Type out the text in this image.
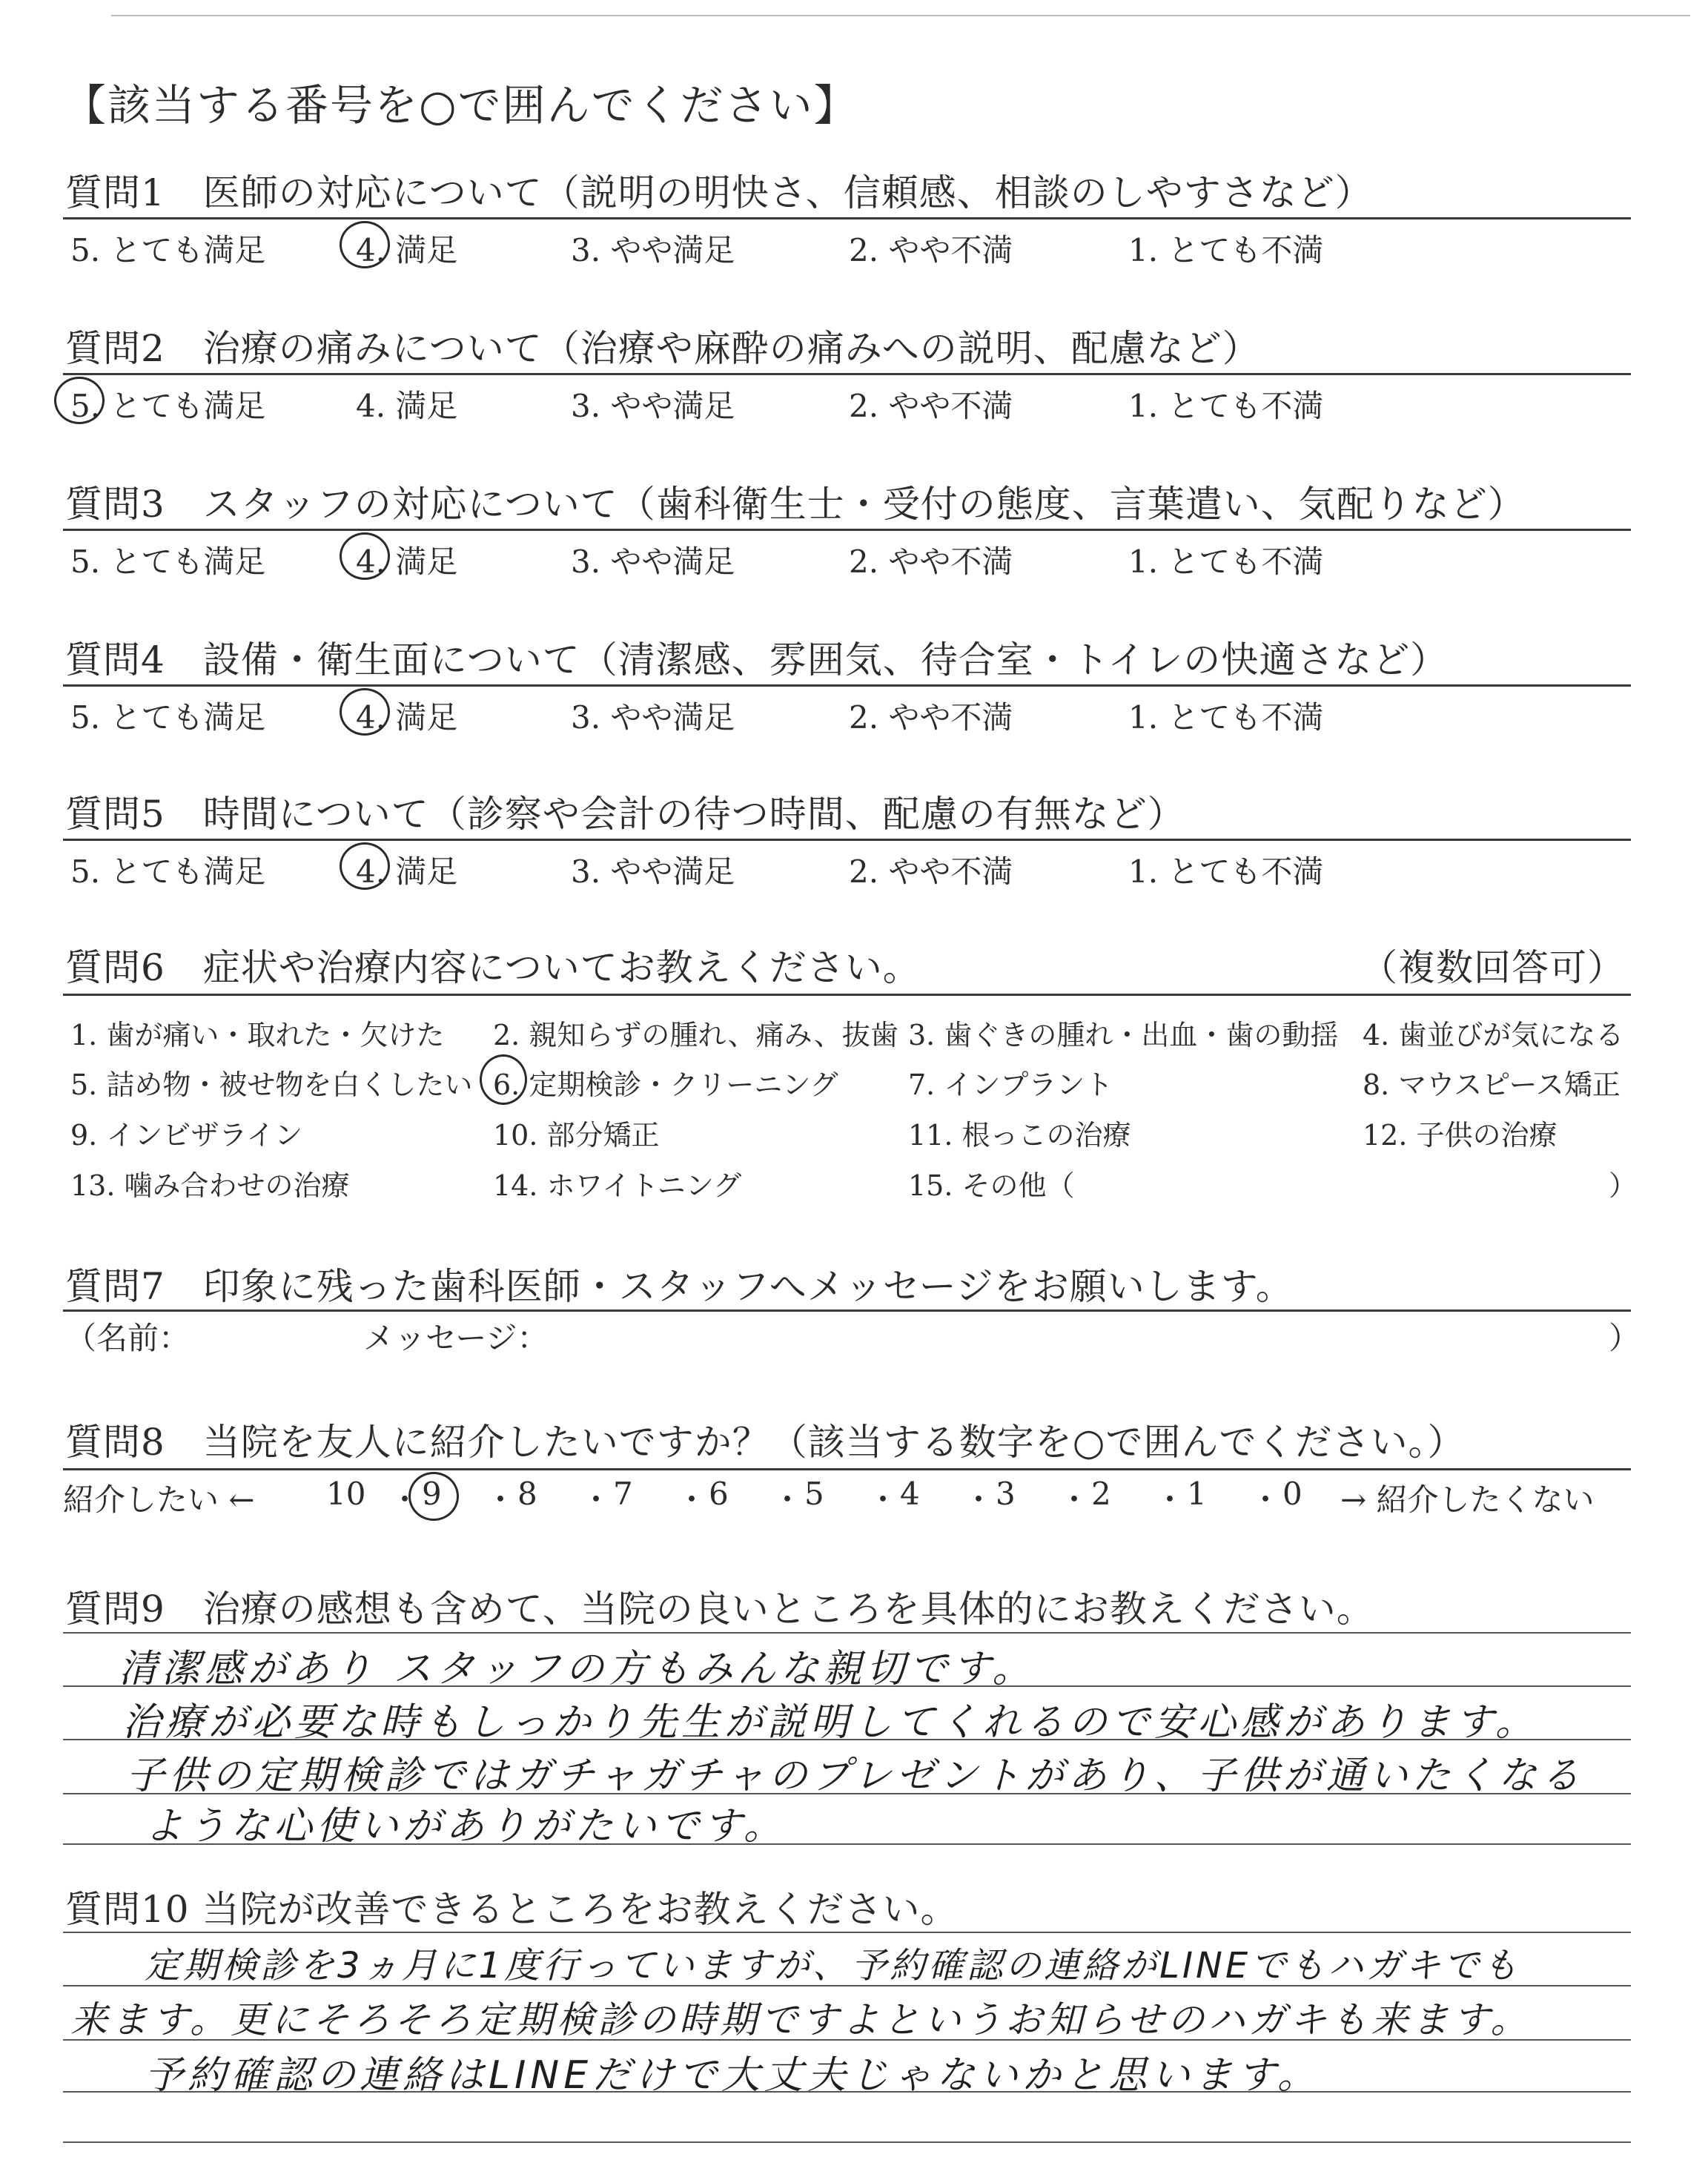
【該当する番号を○で囲んでください】
質問1　医師の対応について（説明の明快さ、信頼感、相談のしやすさなど）
5. とても満足	4. 満足	3. やや満足	2. やや不満	1. とても不満
質問2　治療の痛みについて（治療や麻酔の痛みへの説明、配慮など）
5. とても満足	4. 満足	3. やや満足	2. やや不満	1. とても不満
質問3　スタッフの対応について（歯科衛生士・受付の態度、言葉遣い、気配りなど）
5. とても満足	4. 満足	3. やや満足	2. やや不満	1. とても不満
質問4　設備・衛生面について（清潔感、雰囲気、待合室・トイレの快適さなど）
5. とても満足	4. 満足	3. やや満足	2. やや不満	1. とても不満
質問5　時間について（診察や会計の待つ時間、配慮の有無など）
5. とても満足	4. 満足	3. やや満足	2. やや不満	1. とても不満
質問6　症状や治療内容についてお教えください。	（複数回答可）
1. 歯が痛い・取れた・欠けた 2. 親知らずの腫れ、痛み、抜歯 3. 歯ぐきの腫れ・出血・歯の動揺 4. 歯並びが気になる
5. 詰め物・被せ物を白くしたい 6. 定期検診・クリーニング 7. インプラント	8. マウスピース矯正
9. インビザライン	10. 部分矯正	11. 根っこの治療	12. 子供の治療
13. 噛み合わせの治療	14. ホワイトニング	15. その他（	）
質問7　印象に残った歯科医師・スタッフへメッセージをお願いします。
（名前：	メッセージ：	）
質問8　当院を友人に紹介したいですか？（該当する数字を○で囲んでください。）
紹介したい ←	→ 紹介したくない
10 ・ 9 ・ 8 ・ 7 ・ 6 ・ 5 ・ 4 ・ 3 ・ 2 ・ 1 ・ 0
質問9　治療の感想も含めて、当院の良いところを具体的にお教えください。
清潔感があり スタッフの方もみんな親切です。
治療が必要な時もしっかり先生が説明してくれるので安心感があります。
子供の定期検診ではガチャガチャのプレゼントがあり、子供が通いたくなる
ような心使いがありがたいです。
質問10 当院が改善できるところをお教えください。
定期検診を3ヵ月に1度行っていますが、予約確認の連絡がLINEでもハガキでも
来ます。更にそろそろ定期検診の時期ですよというお知らせのハガキも来ます。
予約確認の連絡はLINEだけで大丈夫じゃないかと思います。
